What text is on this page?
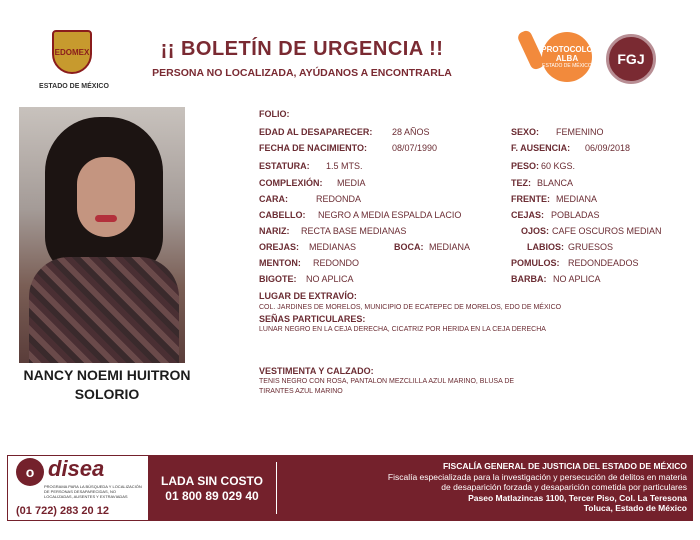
EDOMEX
ESTADO DE MÉXICO
¡¡ BOLETÍN DE URGENCIA !!
PERSONA NO LOCALIZADA, AYÚDANOS A ENCONTRARLA
PROTOCOLO
ALBA
ESTADO DE MÉXICO	FGJ
NANCY NOEMI HUITRON
SOLORIO
FOLIO:
EDAD AL DESAPARECER: 28 AÑOS	SEXO: FEMENINO
FECHA DE NACIMIENTO:	08/07/1990	F. AUSENCIA: 06/09/2018
ESTATURA: 1.5 MTS.	PESO: 60 KGS.
COMPLEXIÓN: MEDIA	TEZ: BLANCA
CARA:	REDONDA	FRENTE: MEDIANA
CABELLO: NEGRO A MEDIA ESPALDA LACIO	CEJAS: POBLADAS
NARIZ: RECTA BASE MEDIANAS	OJOS: CAFE OSCUROS MEDIAN
OREJAS: MEDIANAS	BOCA: MEDIANA	LABIOS: GRUESOS
MENTON: REDONDO	POMULOS: REDONDEADOS
BIGOTE: NO APLICA	BARBA: NO APLICA
LUGAR DE EXTRAVÍO:
COL. JARDINES DE MORELOS, MUNICIPIO DE ECATEPEC DE MORELOS, EDO DE MÉXICO
SEÑAS PARTICULARES:
LUNAR NEGRO EN LA CEJA DERECHA, CICATRIZ POR HERIDA EN LA CEJA DERECHA
VESTIMENTA Y CALZADO:
TENIS NEGRO CON ROSA, PANTALON MEZCLILLA AZUL MARINO, BLUSA DE
TIRANTES AZUL MARINO
o disea
PROGRAMA PARA LA BÚSQUEDA Y LOCALIZACIÓN DE PERSONAS DESAPARECIDAS, NO LOCALIZADAS, AUSENTES Y EXTRAVIADAS
(01 722) 283 20 12
LADA SIN COSTO
01 800 89 029 40
FISCALÍA GENERAL DE JUSTICIA DEL ESTADO DE MÉXICO
Fiscalía especializada para la investigación y persecución de delitos en materia
de desaparición forzada y desaparición cometida por particulares
Paseo Matlazincas 1100, Tercer Piso, Col. La Teresona
Toluca, Estado de México
